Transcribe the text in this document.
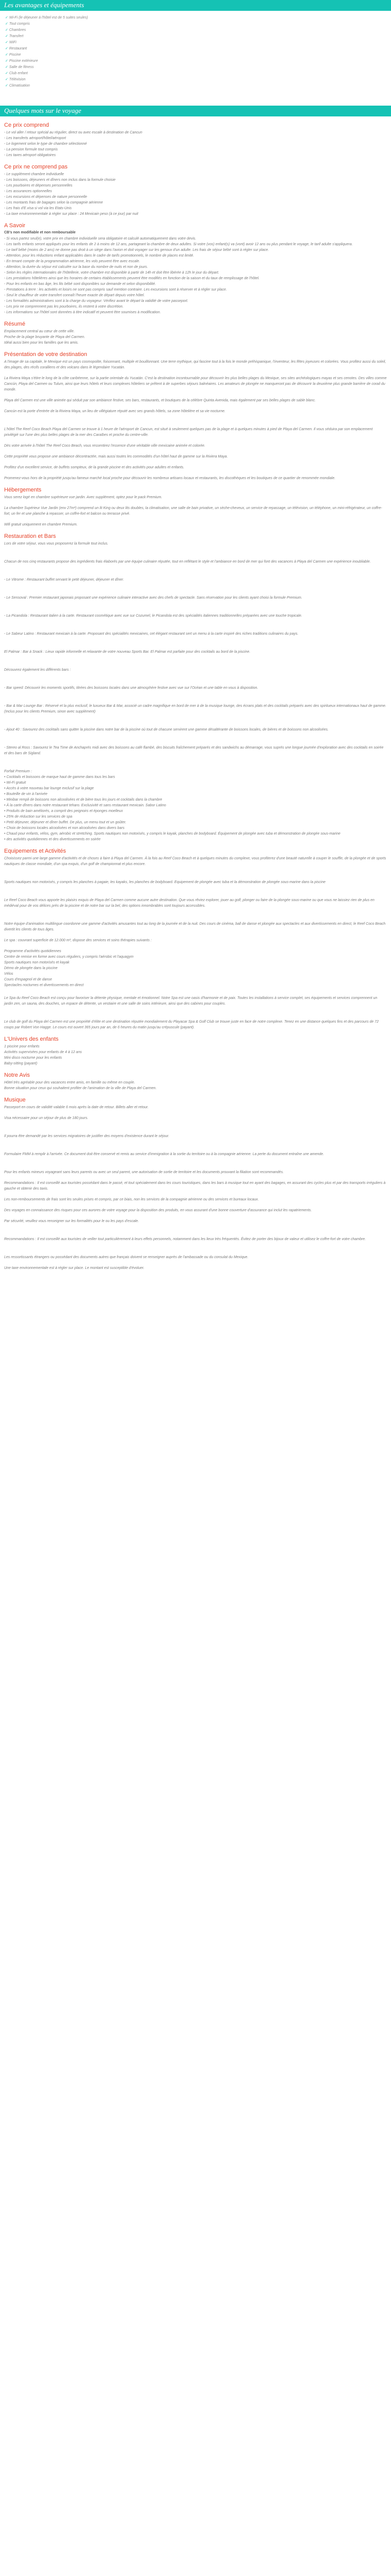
Les avantages et équipements
✓ Wi-Fi (le déjeuner à l'hôtel est de 5 suites seules)
✓ Tout compris
✓ Chambres
✓ Transfert
✓ WiFi
✓ Restaurant
✓ Piscine
✓ Piscine extérieure
✓ Salle de fitness
✓ Club enfant
✓ Télévision
✓ Climatisation
Quelques mots sur le voyage
Ce prix comprend
- Le vol aller / retour spécial au régulier, direct ou avec escale à destination de Cancun
- Les transferts aéroport/hôtel/aéroport
- Le logement selon le type de chambre sélectionné
- La pension formule tout compris
- Les taxes aéroport obligatoires
Ce prix ne comprend pas
- Le supplément chambre individuelle
- Les boissons, déjeuners et dîners non inclus dans la formule choisie
- Les pourboires et dépenses personnelles
- Les assurances optionnelles
- Les excursions et dépenses de nature personnelle
- Les montants frais de bagages selon la compagnie aérienne
- Les frais d'E.visa si vol via les Etats-Unis
- La taxe environnementale à régler sur place : 24 Mexicain peso (à ce jour) par nuit
A Savoir
CB's non modifiable et non remboursable
- Si vous partez seul(e), votre prix en chambre individuelle sera obligatoire et calculé automatiquement dans votre devis.
- Les tarifs enfants seront appliqués pour les enfants de 2 à moins de 12 ans, partageant la chambre de deux adultes. Si votre (vos) enfant(s) va (vont) avoir 12 ans ou plus pendant le voyage, le tarif adulte s'appliquera.
- Le tarif bébé (moins de 2 ans) ne donne pas droit à un siège dans l'avion et doit voyager sur les genoux d'un adulte. Les frais de séjour bébé sont à régler sur place.
- Attention, pour les réductions enfant applicables dans le cadre de tarifs promotionnels, le nombre de places est limité.
- En tenant compte de la programmation aérienne, les vols peuvent être avec escale.
- Attention, la durée du séjour est calculée sur la base du nombre de nuits et non de jours.
- Selon les règles internationales de l'hôtellerie, votre chambre est disponible à partir de 14h et doit être libérée à 12h le jour du départ.
- Les prestations hôtelières ainsi que les horaires de certains établissements peuvent être modifiés en fonction de la saison et du taux de remplissage de l'hôtel.
- Pour les enfants en bas âge, les lits bébé sont disponibles sur demande et selon disponibilité.
- Prestations à terre : les activités et loisirs ne sont pas compris sauf mention contraire. Les excursions sont à réserver et à régler sur place.
- Seul le chauffeur de votre transfert connaît l'heure exacte de départ depuis votre hôtel.
- Les formalités administratives sont à la charge du voyageur. Vérifiez avant le départ la validité de votre passeport.
- Les prix ne comprennent pas les pourboires, ils restent à votre discrétion.
- Les informations sur l'hôtel sont données à titre indicatif et peuvent être soumises à modification.
Résumé
Emplacement central au cœur de cette ville.
Proche de la plage bruyante de Playa del Carmen.
Idéal aussi bien pour les familles que les amis.
Présentation de votre destination

A l'image de sa capitale, le Mexique est un pays cosmopolite, foisonnant, multiple et bouillonnant. Une terre mythique, qui fascine tout à la fois le monde préhispanique, l'inventeur, les fêtes joyeuses et colorées. Vous profitez aussi du soleil, des plages, des récifs coralliens et des volcans dans le légendaire Yucatán.

La Riviera Maya s'étire le long de la côte caribéenne, sur la partie orientale du Yucatán. C'est la destination incontournable pour découvrir les plus belles plages du Mexique, ses sites archéologiques mayas et ses cenotes. Des villes comme Cancún, Playa del Carmen ou Tulum, ainsi que leurs hôtels et leurs complexes hôteliers se prêtent à de superbes séjours balnéaires. Les amateurs de plongée ne manqueront pas de découvrir la deuxième plus grande barrière de corail du monde.

Playa del Carmen est une ville animée qui séduit par son ambiance festive, ses bars, restaurants, et boutiques de la célèbre Quinta Avenida, mais également par ses belles plages de sable blanc.

Cancún est la porte d'entrée de la Riviera Maya, un lieu de villégiature réputé avec ses grands hôtels, sa zone hôtelière et sa vie nocturne.

L'hôtel The Reef Coco Beach Playa del Carmen se trouve à 1 heure de l'aéroport de Cancun, est situé à seulement quelques pas de la plage et à quelques minutes à pied de Playa del Carmen. Il vous séduira par son emplacement privilégié sur l'une des plus belles plages de la mer des Caraïbes et proche du centre-ville.

Dès votre arrivée à l'hôtel The Reef Coco Beach, vous ressentirez l'essence d'une véritable ville mexicaine animée et colorée.

Cette propriété vous propose une ambiance décontractée, mais aussi toutes les commodités d'un hôtel haut de gamme sur la Riviera Maya.

Profitez d'un excellent service, de buffets sompteux, de la grande piscine et des activités pour adultes et enfants.

Promenez-vous hors de la propriété jusqu'au fameux marché local proche pour découvrir les nombreux artisans locaux et restaurants, les discothèques et les boutiques de ce quartier de renommée mondiale.

Hébergements

Vous serez logé en chambre supérieure vue jardin. Avec supplément, optez pour le pack Premium.

La chambre Supérieur Vue Jardin (env 27m²) comprend un lit King ou deux lits doubles, la climatisation, une salle de bain privative, un sèche-cheveux, un service de repassage, un télévision, un téléphone, un mini-réfrigérateur, un coffre-fort, un fer et une planche à repasser, un coffre-fort et balcon ou terrasse privé.

Wifi gratuit uniquement en chambre Premium.

Restauration et Bars

Lors de votre séjour, vous vous proposerez la formule tout inclus.

Chacun de nos cinq restaurants propose des ingrédients frais élaborés par une équipe culinaire réputée, tout en reflétant le style et l'ambiance en bord de mer qui font des vacances à Playa del Carmen une expérience inoubliable.

- Le Vitrome : Restaurant buffet servant le petit déjeuner, déjeuner et dîner.

- Le Sensoval : Premier restaurant japonais proposant une expérience culinaire interactive avec des chefs de spectacle. Sans réservation pour les clients ayant choisi la formule Premium.

- La Picandola : Restaurant italien à la carte. Restaurant cosmétique avec vue sur Cozumel, le Picandola est des spécialités italiennes traditionnelles préparées avec une touche tropicale.

- Le Sabeur Latino : Restaurant mexicain à la carte. Proposant des spécialités mexicaines, cet élégant restaurant sert un menu à la carte inspiré des riches traditions culinaires du pays.

El Palmar : Bar à Snack : Lieux rapide informelle et relaxante de votre nouveau Sports Bar. El Palmar est parfaite pour des cocktails au bord de la piscine.

Découvrez également les différents bars :

- Bar speed: Découvrir les moments sportifs, titrées des boissons locales dans une atmosphère festive avec vue sur l'Océan et une table en vous à disposition.

- Bar & Mar Lounge Bar : Réservé et la plus exclusif, le luxueux Bar & Mar, associé un cadre magnifique en bord de mer à de la musique lounge, des écrans plats et des cocktails préparés avec des spiritueux internationaux haut de gamme. (Inclus pour les clients Premium, sinon avec supplément)

- Ajout 40 : Savourez des cocktails sans quitter la piscine dans notre bar de la piscine où tout de chacune servirent une gamme désaltérante de boissons locales, de bières et de boissons non alcoolisées.

- Stereo al Ross : Savourez le Tea Time de Anchaprés midi avec des boissons au café flambé, des biscuits fraîchement préparés et des sandwichs au démarrage, vous suprés une longue journée d'exploration avec des cocktails en soirée et des bars de Sigland.

Forfait Premium :
• Cocktails et boissons de marque haut de gamme dans tous les bars
• Wi-Fi gratuit
• Accès à votre nouveau bar lounge exclusif sur la plage
• Bouteille de vin à l'arrivée
• Minibar rempli de boissons non alcoolisées et de bière tous les jours et cocktails dans la chambre
• À la carte dîners dans notre restaurant teharo. Exclusivité et sans restaurant mexicain. Sabor Latino
• Produits de bain améliorés, a comprit des peignoirs et éponges moelleux
• 25% de réduction sur les services de spa
• Petit déjeuner, déjeuner et dîner buffet. De plus, un menu tout et un goûter.
• Choix de boissons locales alcoolisées et non alcoolisées dans divers bars
• Chaud pour enfants, vélos, gym, aérobic et stretching. Sports nautiques non motorisés, y compris le kayak, planches de bodyboard. Équipement de plongée avec tuba et démonstration de plongée sous-marine
• des activités quotidiennes et des divertissements en soirée
Equipements et Activités

Choisissez parmi une large gamme d'activités et de choses à faire à Playa del Carmen. À la fois au Reef Coco Beach et à quelques minutes du complexe, vous profiterez d'une beauté naturelle à couper le souffle, de la plongée et de sports nautiques de classe mondiale, d'un spa exquis, d'un golf de championnat et plus encore.

Sports nautiques non motorisés, y compris les planches à pagaie, les kayaks, les planches de bodyboard. Equipement de plongée avec tuba et la démonstration de plongée sous-marine dans la piscine

Le Reef Coco Beach vous apporte les plaisirs exquis de Playa del Carmen comme aucune autre destination. Que vous rêviez explorer, jouer au golf, plonger ou faire de la plongée sous-marine ou que vous ne laissiez rien de plus en médiéval pour de vos délices près de la piscine et de notre bar sur la bel, des options innombrables sont toujours accessibles.

Notre équipe d'animation multilingue coordonne une gamme d'activités amusantes tout au long de la journée et de la nuit. Des cours de cinéma, ball de danse et plongée aux spectacles et aux divertissements en direct, le Reef Coco Beach divertit les clients de tous âges.

Le spa : couvrant superficie de 12.000 m², dispose des services et soins thérapies suivants :

Programme d'activités quotidiennes
Centre de remise en forme avec cours réguliers, y compris l'aérobic et l'aquagym
Sports nautiques non motorisés et kayak
Démo de plongée dans la piscine
Vélos
Cours d'espagnol et de danse
Spectacles nocturnes et divertissements en direct

Le Spa du Reef Coco Beach est conçu pour favoriser la détente physique, mentale et émotionnel. Notre Spa est une oasis d'harmonie et de paix. Toutes les installations à service complet, ses équipements et services comprennent un jardin zen, un sauna, des douches, un espace de détente, un vestiaire et une salle de soins intérieure, ainsi que des cabines pour couples.

Le club de golf du Playa del Carmen est une propriété d'élite et une destination réputée mondialement du Playacar Spa & Golf Club se trouve juste en face de notre complexe. Tenez en une distance quelques fins et des parcours de 72 coups par Robert Von Hagge. Le cours est ouvert 365 jours par an, de 6 heures du matin jusqu'au crépuscule (payant).

L'Univers des enfants
1 piscine pour enfants
Activités supervisées pour enfants de 4 à 12 ans
Mini disco nocturne pour les enfants
Baby-sitting (payant)
Notre Avis
Hôtel très agréable pour des vacances entre amis, en famille ou même en couple.
Bonne situation pour ceux qui souhaitent profiter de l'animation de la ville de Playa del Carmen.
Musique

Passeport en cours de validité valable 6 mois après la date de retour. Billets aller et retour.

Visa nécessaire pour un séjour de plus de 180 jours.

Il pourra être demandé par les services migratoires de justifier des moyens d'existence durant le séjour.

Formulaire FMM à remplir à l'arrivée. Ce document doit être conservé et remis au service d'immigration à la sortie du territoire ou à la compagnie aérienne. La perte du document entraîne une amende.

Pour les enfants mineurs voyageant sans leurs parents ou avec un seul parent, une autorisation de sortie de territoire et les documents prouvant la filiation sont recommandés.

Recommandations : Il est conseillé aux touristes possédant dans le passé, et tout spécialement dans les cours touristiques, dans les bars à musique tout en ayant des bagages, en assurant des cycles plus et par des transports irréguliers à gauche et obtenir des taxis.

Les non-remboursements de frais sont les seules prises et compris, par ce biais, non les services de la compagnie aérienne ou des services et bureaux locaux.

Des voyages en connaissance des risques pour ces aurores de votre voyage pour la disposition des produits, en vous assurant d'une bonne couverture d'assurance qui inclut les rapatriements.

Par sécurité, veuillez vous renseigner sur les formalités pour le ou les pays d'escale.

Recommandations : Il est conseillé aux touristes de veiller tout particulièrement à leurs effets personnels, notamment dans les lieux très fréquentés. Évitez de porter des bijoux de valeur et utilisez le coffre-fort de votre chambre.

Les ressortissants étrangers ou possédant des documents autres que français doivent se renseigner auprès de l'ambassade ou du consulat du Mexique.

Une taxe environnementale est à régler sur place. Le montant est susceptible d'évoluer.
